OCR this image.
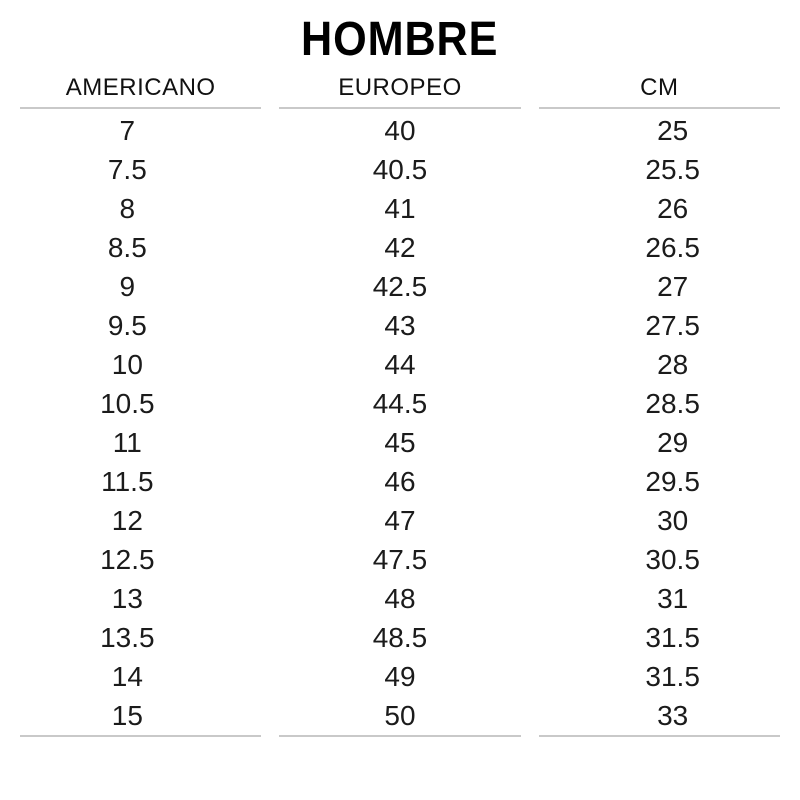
HOMBRE
AMERICANO	EUROPEO	CM
7	40	25
7.5	40.5	25.5
8	41	26
8.5	42	26.5
9	42.5	27
9.5	43	27.5
10	44	28
10.5	44.5	28.5
11	45	29
11.5	46	29.5
12	47	30
12.5	47.5	30.5
13	48	31
13.5	48.5	31.5
14	49	31.5
15	50	33
